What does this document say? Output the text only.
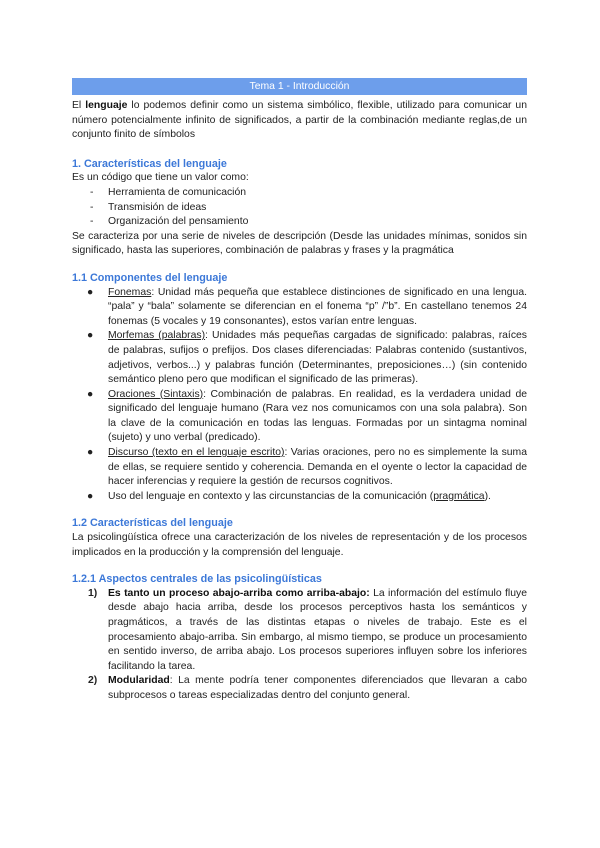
Tema 1 - Introducción

El lenguaje lo podemos definir como un sistema simbólico, flexible, utilizado para comunicar un número potencialmente infinito de significados, a partir de la combinación mediante reglas,de un conjunto finito de símbolos

1. Características del lenguaje

Es un código que tiene un valor como:

- Herramienta de comunicación
- Transmisión de ideas
- Organización del pensamiento

Se caracteriza por una serie de niveles de descripción (Desde las unidades mínimas, sonidos sin significado, hasta las superiores, combinación de palabras y frases y la pragmática

1.1 Componentes del lenguaje
● Fonemas: Unidad más pequeña que establece distinciones de significado en una lengua. “pala” y “bala” solamente se diferencian en el fonema “p” /”b”. En castellano tenemos 24 fonemas (5 vocales y 19 consonantes), estos varían entre lenguas.
● Morfemas (palabras): Unidades más pequeñas cargadas de significado: palabras, raíces de palabras, sufijos o prefijos. Dos clases diferenciadas: Palabras contenido (sustantivos, adjetivos, verbos...) y palabras función (Determinantes, preposiciones…) (sin contenido semántico pleno pero que modifican el significado de las primeras).
● Oraciones (Sintaxis): Combinación de palabras. En realidad, es la verdadera unidad de significado del lenguaje humano (Rara vez nos comunicamos con una sola palabra). Son la clave de la comunicación en todas las lenguas. Formadas por un sintagma nominal (sujeto) y uno verbal (predicado).
● Discurso (texto en el lenguaje escrito): Varias oraciones, pero no es simplemente la suma de ellas, se requiere sentido y coherencia. Demanda en el oyente o lector la capacidad de hacer inferencias y requiere la gestión de recursos cognitivos.
● Uso del lenguaje en contexto y las circunstancias de la comunicación (pragmática).
1.2 Características del lenguaje

La psicolingüística ofrece una caracterización de los niveles de representación y de los procesos implicados en la producción y la comprensión del lenguaje.

1.2.1 Aspectos centrales de las psicolingüísticas
1) Es tanto un proceso abajo-arriba como arriba-abajo: La información del estímulo fluye desde abajo hacia arriba, desde los procesos perceptivos hasta los semánticos y pragmáticos, a través de las distintas etapas o niveles de trabajo. Este es el procesamiento abajo-arriba. Sin embargo, al mismo tiempo, se produce un procesamiento en sentido inverso, de arriba abajo. Los procesos superiores influyen sobre los inferiores facilitando la tarea.
2) Modularidad: La mente podría tener componentes diferenciados que llevaran a cabo subprocesos o tareas especializadas dentro del conjunto general.
